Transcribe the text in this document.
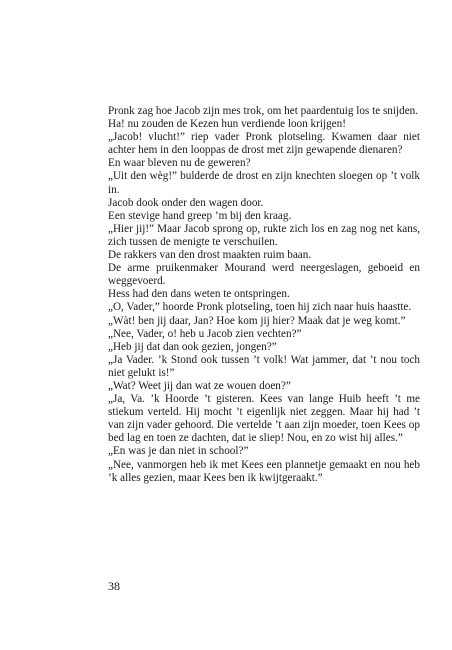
Pronk zag hoe Jacob zijn mes trok, om het paardentuig los te snijden.

Ha! nu zouden de Kezen hun verdiende loon krijgen!

„Jacob! vlucht!” riep vader Pronk plotseling. Kwamen daar niet achter hem in den looppas de drost met zijn gewapende dienaren?

En waar bleven nu de geweren?

„Uit den wèg!” bulderde de drost en zijn knechten sloegen op ’t volk in.

Jacob dook onder den wagen door.

Een stevige hand greep ’m bij den kraag.

„Hier jij!” Maar Jacob sprong op, rukte zich los en zag nog net kans, zich tussen de menigte te verschuilen.

De rakkers van den drost maakten ruim baan.

De arme pruikenmaker Mourand werd neergeslagen, geboeid en weggevoerd.

Hess had den dans weten te ontspringen.

„O, Vader,” hoorde Pronk plotseling, toen hij zich naar huis haastte.

„Wàt! ben jij daar, Jan? Hoe kom jij hier? Maak dat je weg komt.”

„Nee, Vader, o! heb u Jacob zien vechten?”

„Heb jij dat dan ook gezien, jongen?”

„Ja Vader. ’k Stond ook tussen ’t volk! Wat jammer, dat ’t nou toch niet gelukt is!”

„Wat? Weet jij dan wat ze wouen doen?”

„Ja, Va. ’k Hoorde ’t gisteren. Kees van lange Huib heeft ’t me stiekum verteld. Hij mocht ’t eigenlijk niet zeggen. Maar hij had ’t van zijn vader gehoord. Die vertelde ’t aan zijn moeder, toen Kees op bed lag en toen ze dachten, dat ie sliep! Nou, en zo wist hij alles.”

„En was je dan niet in school?”

„Nee, vanmorgen heb ik met Kees een plannetje gemaakt en nou heb ’k alles gezien, maar Kees ben ik kwijtgeraakt.”

38
